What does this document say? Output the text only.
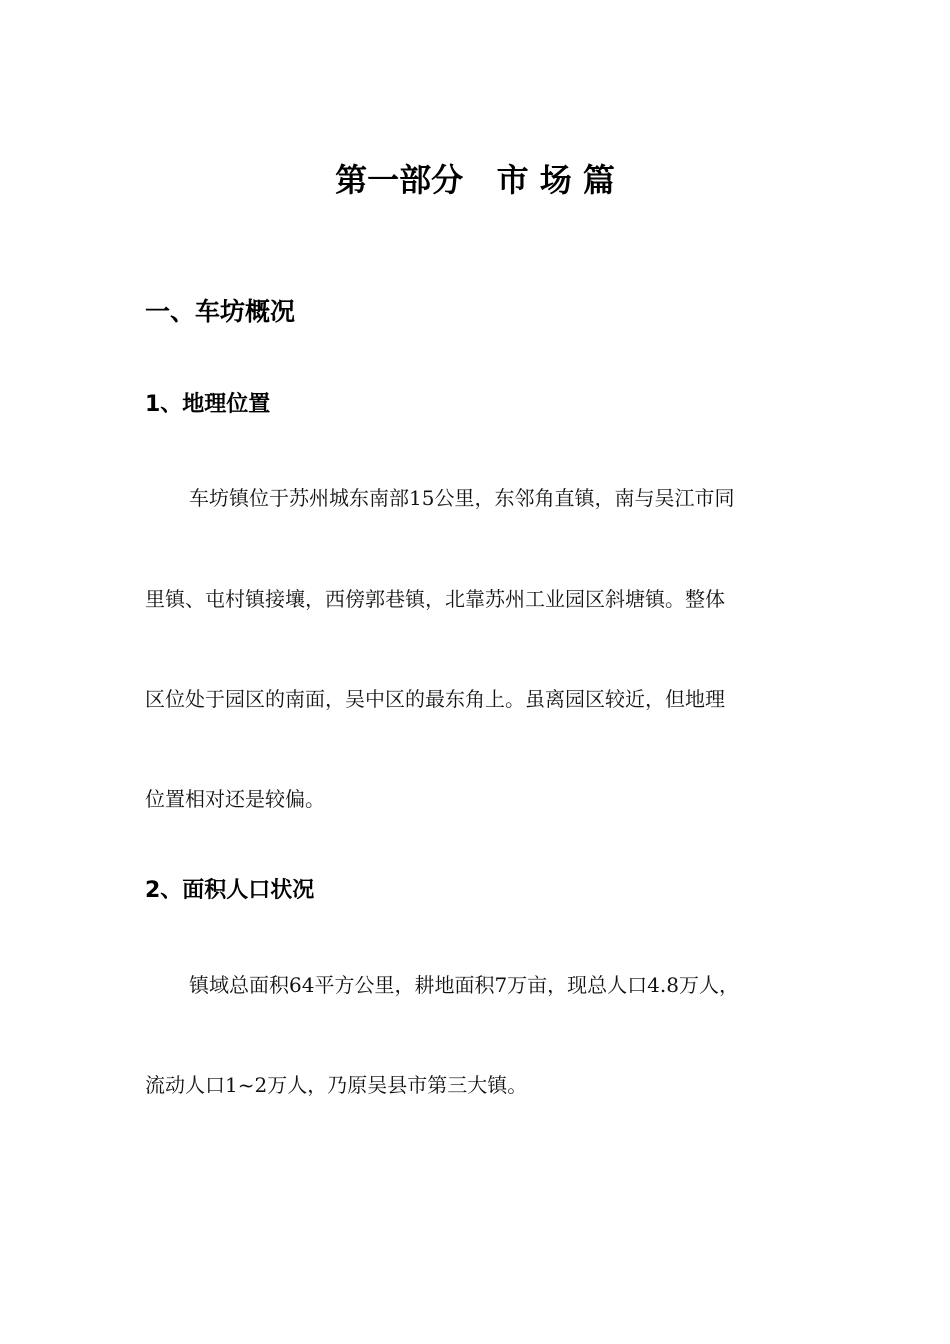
第一部分   市 场 篇
一、车坊概况
1、地理位置
车坊镇位于苏州城东南部15公里，东邻角直镇，南与吴江市同
里镇、屯村镇接壤，西傍郭巷镇，北靠苏州工业园区斜塘镇。整体
区位处于园区的南面，吴中区的最东角上。虽离园区较近，但地理
位置相对还是较偏。
2、面积人口状况
镇域总面积64平方公里，耕地面积7万亩，现总人口4.8万人，
流动人口1~2万人，乃原吴县市第三大镇。
